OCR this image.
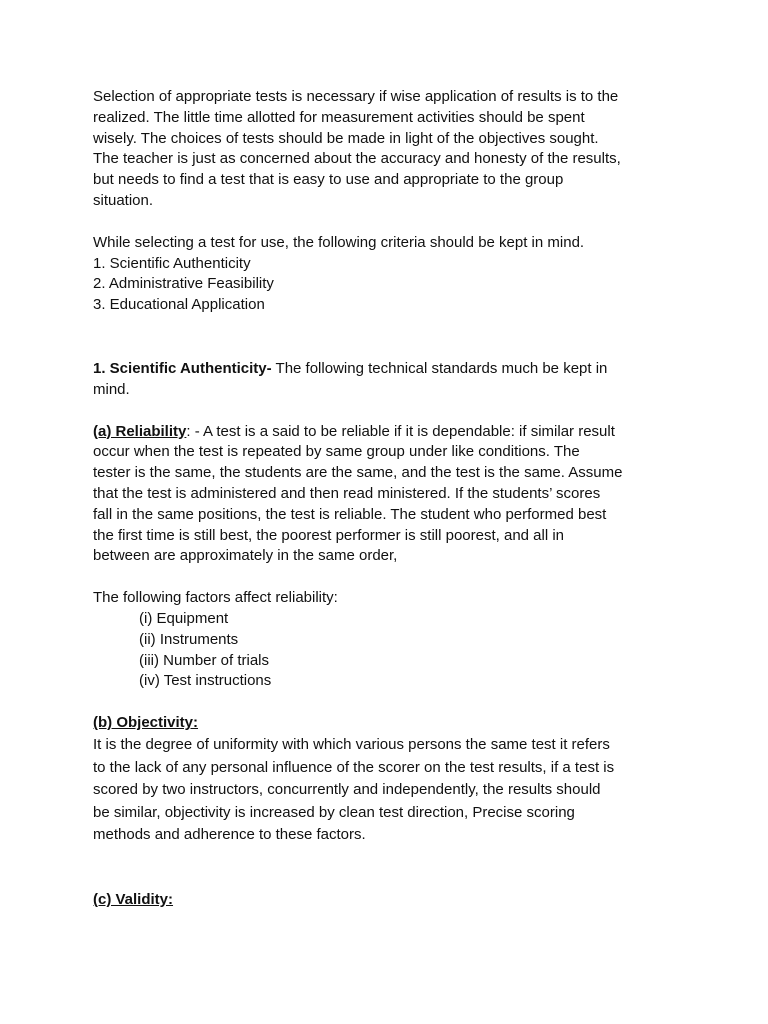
Selection of appropriate tests is necessary if wise application of results is to the

realized. The little time allotted for measurement activities should be spent

wisely. The choices of tests should be made in light of the objectives sought.

The teacher is just as concerned about the accuracy and honesty of the results,

but needs to find a test that is easy to use and appropriate to the group

situation.

While selecting a test for use, the following criteria should be kept in mind.

1. Scientific Authenticity

2. Administrative Feasibility

3. Educational Application

1. Scientific Authenticity- The following technical standards much be kept in

mind.

(a) Reliability: - A test is a said to be reliable if it is dependable: if similar result

occur when the test is repeated by same group under like conditions. The

tester is the same, the students are the same, and the test is the same. Assume

that the test is administered and then read ministered. If the students’ scores

fall in the same positions, the test is reliable. The student who performed best

the first time is still best, the poorest performer is still poorest, and all in

between are approximately in the same order,

The following factors affect reliability:

(i) Equipment

(ii) Instruments

(iii) Number of trials

(iv) Test instructions

(b) Objectivity:

It is the degree of uniformity with which various persons the same test it refers

to the lack of any personal influence of the scorer on the test results, if a test is

scored by two instructors, concurrently and independently, the results should

be similar, objectivity is increased by clean test direction, Precise scoring

methods and adherence to these factors.

(c) Validity:
